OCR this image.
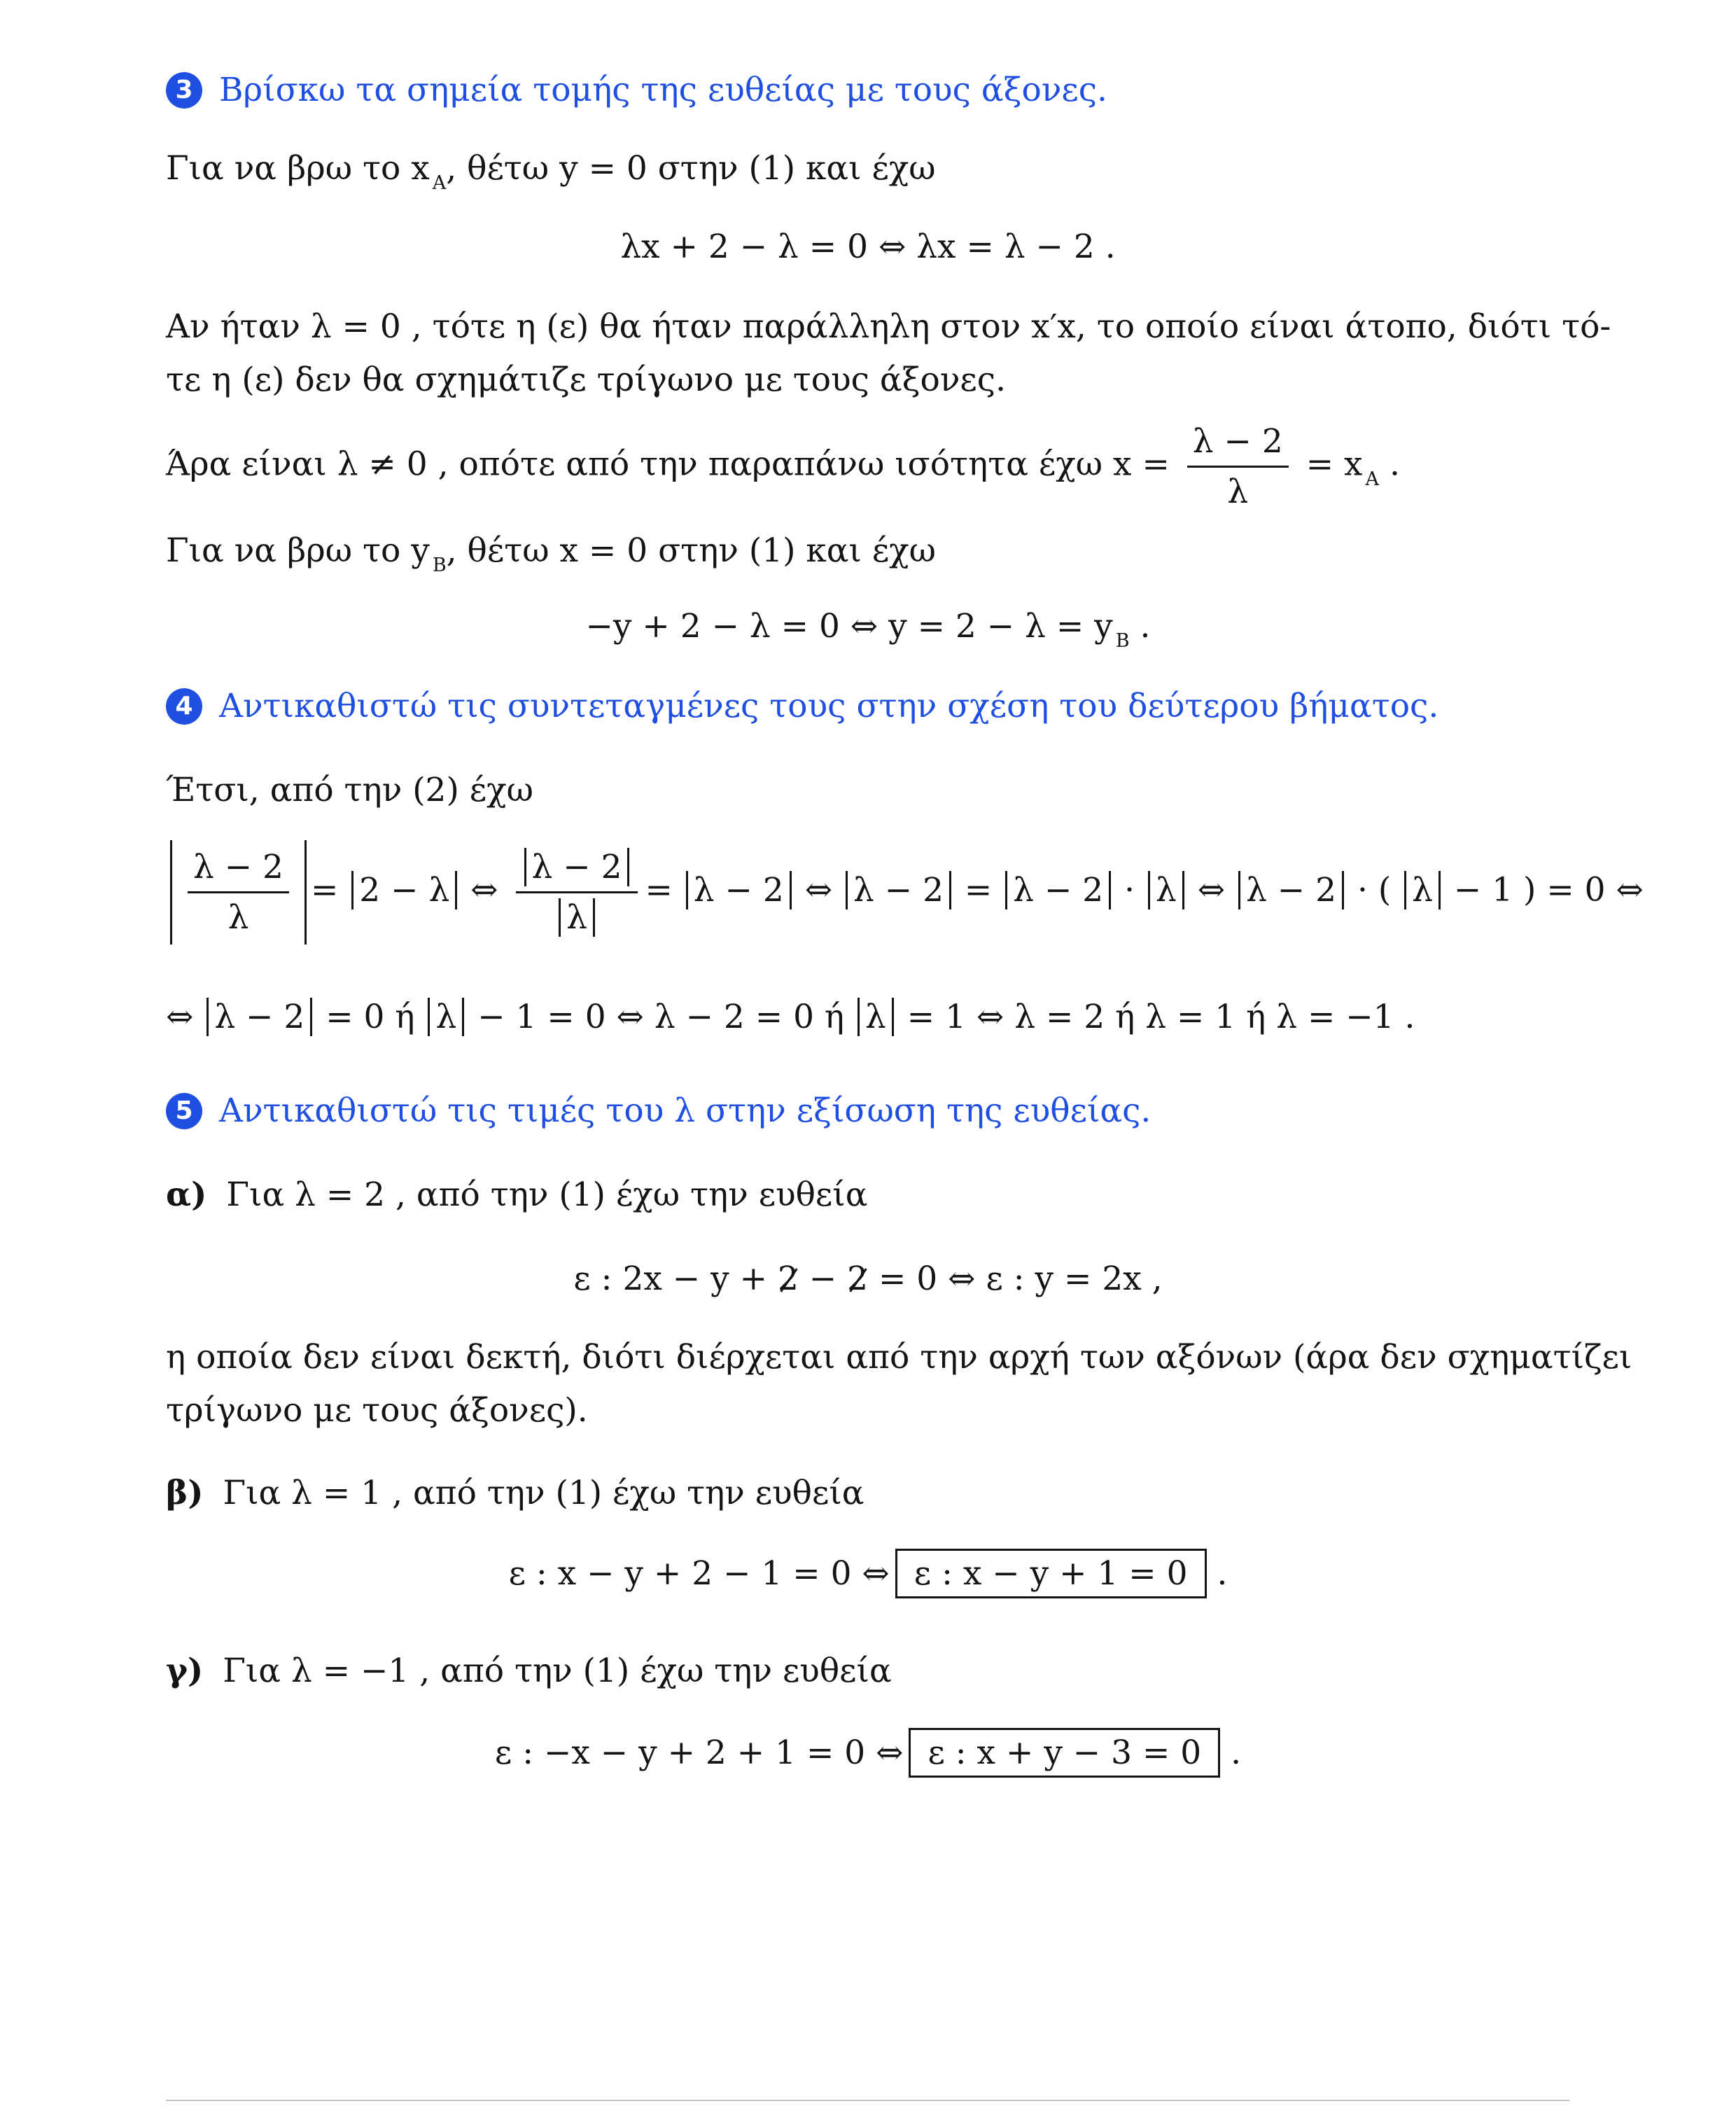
3 Βρίσκω τα σημεία τομής της ευθείας με τους άξονες.
Για να βρω το x $_A$, θέτω y = 0 στην (1) και έχω
λx + 2 − λ = 0 ⇔ λx = λ − 2 .
Αν ήταν λ = 0 , τότε η (ε) θα ήταν παράλληλη στον x′x, το οποίο είναι άτοπο, διότι τό-
τε η (ε) δεν θα σχημάτιζε τρίγωνο με τους άξονες.
Άρα είναι λ ≠ 0 , οπότε από την παραπάνω ισότητα έχω $x = \frac{\lambda - 2}{\lambda} = x$ $_A$ .
Για να βρω το y $_B$, θέτω x = 0 στην (1) και έχω
−y + 2 − λ = 0 ⇔ y = 2 − λ = y $_B$ .
4 Αντικαθιστώ τις συντεταγμένες τους στην σχέση του δεύτερου βήματος.
Έτσι, από την (2) έχω
$\frac{\lambda - 2}{\lambda} = 2 - \lambda$ ⇔ $\frac{\lambda - 2}{\lambda} = \lambda - 2$ ⇔ λ − 2 = λ − 2 · λ ⇔ λ − 2 · ( λ − 1 ) = 0 ⇔
⇔ λ − 2 = 0 ή λ − 1 = 0 ⇔ λ − 2 = 0 ή λ = 1 ⇔ λ = 2 ή λ = 1 ή λ = −1 .
5 Αντικαθιστώ τις τιμές του λ στην εξίσωση της ευθείας.
α) Για λ = 2 , από την (1) έχω την ευθεία
ε : 2x − y + 2 − 2 = 0 ⇔ ε : y = 2x ,
η οποία δεν είναι δεκτή, διότι διέρχεται από την αρχή των αξόνων (άρα δεν σχηματίζει
τρίγωνο με τους άξονες).
β) Για λ = 1 , από την (1) έχω την ευθεία
ε : x − y + 2 − 1 = 0 ⇔ ε : x − y + 1 = 0 .
γ) Για λ = −1 , από την (1) έχω την ευθεία
ε : −x − y + 2 + 1 = 0 ⇔ ε : x + y − 3 = 0 .
